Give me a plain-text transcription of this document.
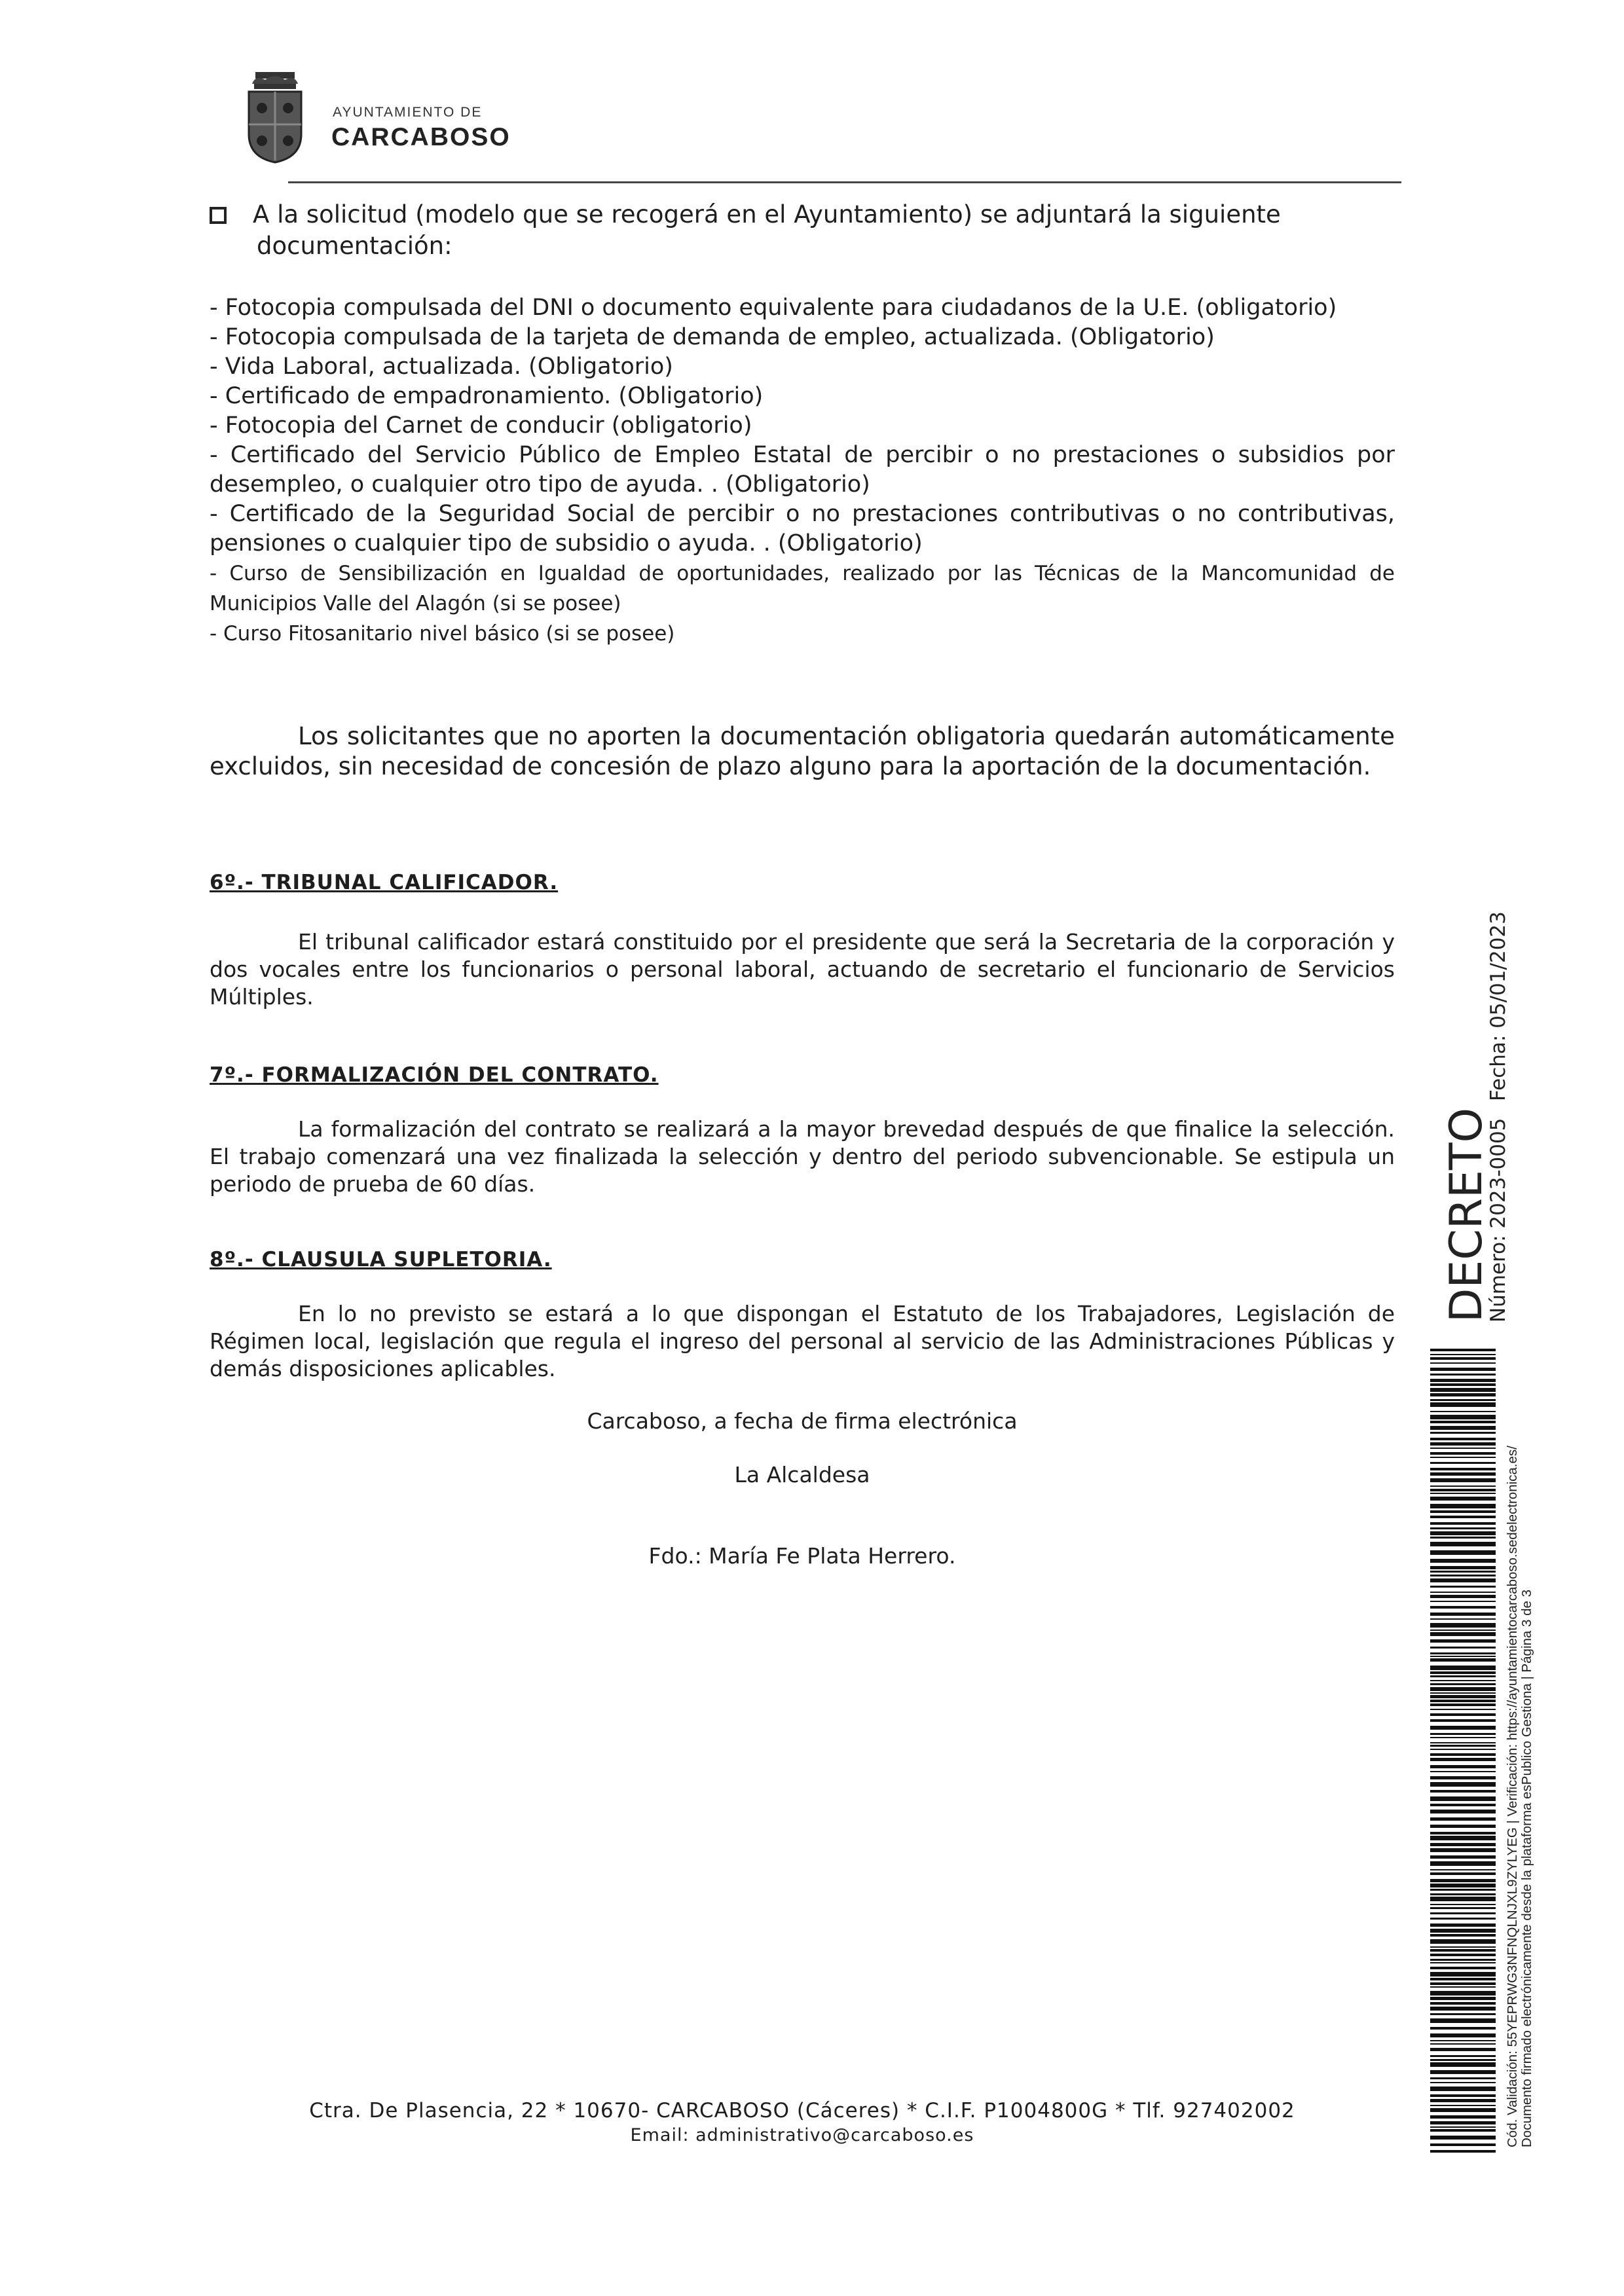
AYUNTAMIENTO DE
CARCABOSO
A la solicitud (modelo que se recogerá en el Ayuntamiento) se adjuntará la siguiente
documentación:
- Fotocopia compulsada del DNI o documento equivalente para ciudadanos de la U.E. (obligatorio)
- Fotocopia compulsada de la tarjeta de demanda de empleo, actualizada. (Obligatorio)
- Vida Laboral, actualizada. (Obligatorio)
- Certificado de empadronamiento. (Obligatorio)
- Fotocopia del Carnet de conducir (obligatorio)
- Certificado del Servicio Público de Empleo Estatal de percibir o no prestaciones o subsidios por desempleo, o cualquier otro tipo de ayuda. . (Obligatorio)
- Certificado de la Seguridad Social de percibir o no prestaciones contributivas o no contributivas, pensiones o cualquier tipo de subsidio o ayuda. . (Obligatorio)
- Curso de Sensibilización en Igualdad de oportunidades, realizado por las Técnicas de la Mancomunidad de Municipios Valle del Alagón (si se posee)
- Curso Fitosanitario nivel básico (si se posee)
Los solicitantes que no aporten la documentación obligatoria quedarán automáticamente excluidos, sin necesidad de concesión de plazo alguno para la aportación de la documentación.
6º.- TRIBUNAL CALIFICADOR.
El tribunal calificador estará constituido por el presidente que será la Secretaria de la corporación y dos vocales entre los funcionarios o personal laboral, actuando de secretario el funcionario de Servicios Múltiples.
7º.- FORMALIZACIÓN DEL CONTRATO.
La formalización del contrato se realizará a la mayor brevedad después de que finalice la selección. El trabajo comenzará una vez finalizada la selección y dentro del periodo subvencionable. Se estipula un periodo de prueba de 60 días.
8º.- CLAUSULA SUPLETORIA.
En lo no previsto se estará a lo que dispongan el Estatuto de los Trabajadores, Legislación de Régimen local, legislación que regula el ingreso del personal al servicio de las Administraciones Públicas y demás disposiciones aplicables.
Carcaboso, a fecha de firma electrónica
La Alcaldesa
Fdo.: María Fe Plata Herrero.
Ctra. De Plasencia, 22 * 10670- CARCABOSO (Cáceres) * C.I.F. P1004800G * Tlf. 927402002
Email: administrativo@carcaboso.es
DECRETO
Número: 2023-0005
Fecha: 05/01/2023
Cód. Validación: 55YEPRWG3NFNQLNJXL9ZYLYEG | Verificación: https://ayuntamientocarcaboso.sedelectronica.es/ Documento firmado electrónicamente desde la plataforma esPublico Gestiona | Página 3 de 3
